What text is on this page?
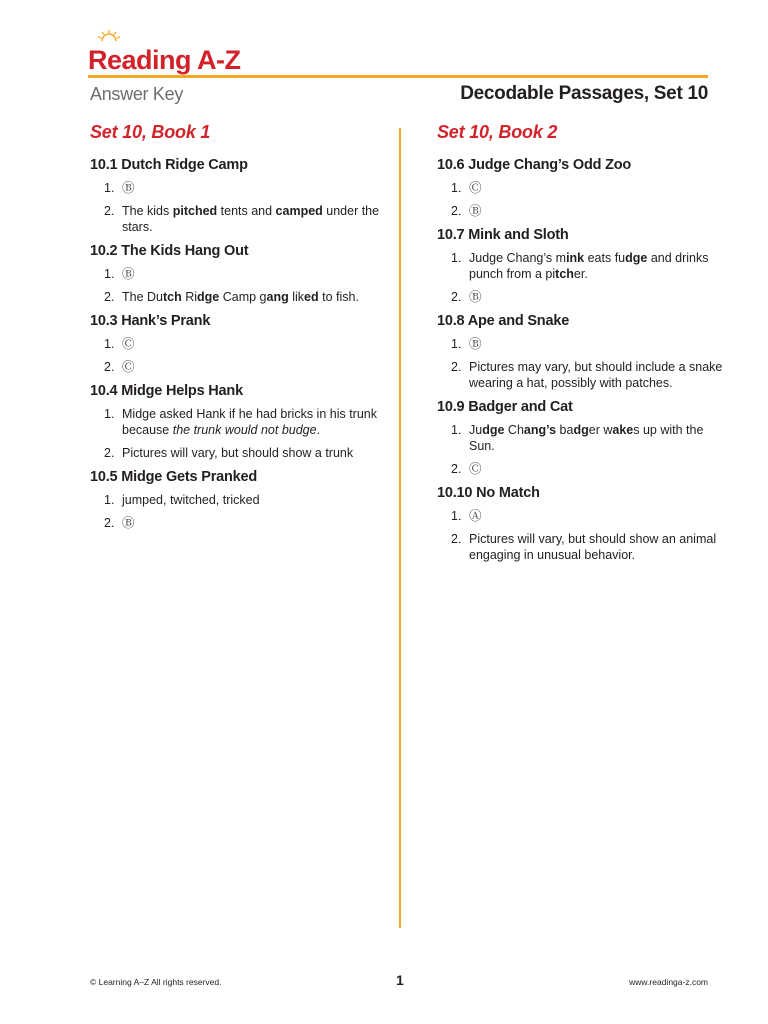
Reading A-Z
Answer Key	Decodable Passages, Set 10
Set 10, Book 1
10.1 Dutch Ridge Camp
1. Ⓑ
2. The kids pitched tents and camped under the stars.
10.2 The Kids Hang Out
1. Ⓑ
2. The Dutch Ridge Camp gang liked to fish.
10.3 Hank’s Prank
1. Ⓒ
2. Ⓒ
10.4 Midge Helps Hank
1. Midge asked Hank if he had bricks in his trunk because the trunk would not budge.
2. Pictures will vary, but should show a trunk
10.5 Midge Gets Pranked
1. jumped, twitched, tricked
2. Ⓑ
Set 10, Book 2
10.6 Judge Chang’s Odd Zoo
1. Ⓒ
2. Ⓑ
10.7 Mink and Sloth
1. Judge Chang’s mink eats fudge and drinks punch from a pitcher.
2. Ⓑ
10.8 Ape and Snake
1. Ⓑ
2. Pictures may vary, but should include a snake wearing a hat, possibly with patches.
10.9 Badger and Cat
1. Judge Chang’s badger wakes up with the Sun.
2. Ⓒ
10.10 No Match
1. Ⓐ
2. Pictures will vary, but should show an animal engaging in unusual behavior.
© Learning A–Z All rights reserved.	1	www.readinga-z.com
